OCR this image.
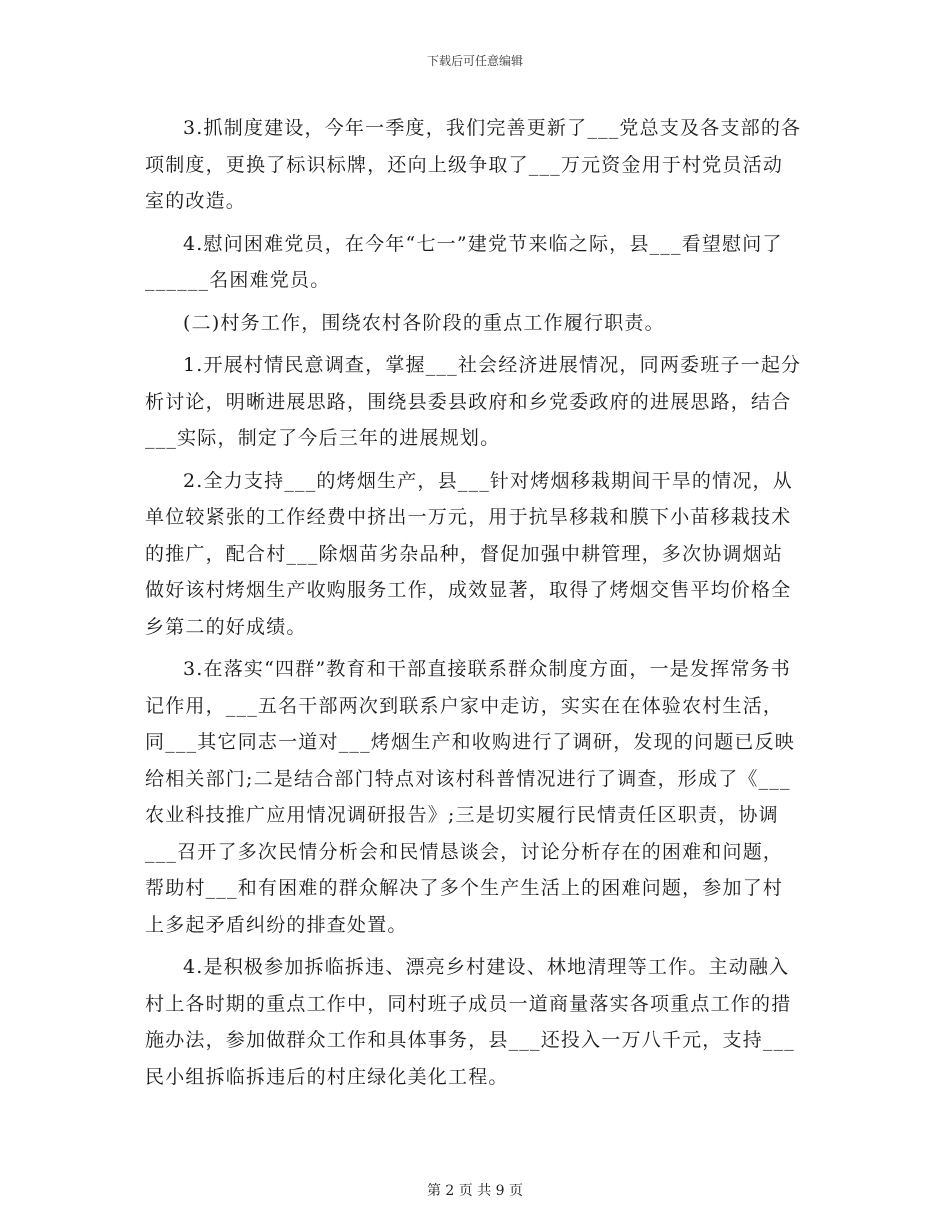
下载后可任意编辑

3.抓制度建设，今年一季度，我们完善更新了___党总支及各支部的各项制度，更换了标识标牌，还向上级争取了___万元资金用于村党员活动室的改造。

4.慰问困难党员，在今年“七一”建党节来临之际，县___看望慰问了______名困难党员。

(二)村务工作，围绕农村各阶段的重点工作履行职责。

1.开展村情民意调查，掌握___社会经济进展情况，同两委班子一起分析讨论，明晰进展思路，围绕县委县政府和乡党委政府的进展思路，结合___实际，制定了今后三年的进展规划。

2.全力支持___的烤烟生产，县___针对烤烟移栽期间干旱的情况，从单位较紧张的工作经费中挤出一万元，用于抗旱移栽和膜下小苗移栽技术的推广，配合村___除烟苗劣杂品种，督促加强中耕管理，多次协调烟站做好该村烤烟生产收购服务工作，成效显著，取得了烤烟交售平均价格全乡第二的好成绩。

3.在落实“四群”教育和干部直接联系群众制度方面，一是发挥常务书记作用，___五名干部两次到联系户家中走访，实实在在体验农村生活，同___其它同志一道对___烤烟生产和收购进行了调研，发现的问题已反映给相关部门;二是结合部门特点对该村科普情况进行了调查，形成了《___农业科技推广应用情况调研报告》;三是切实履行民情责任区职责，协调___召开了多次民情分析会和民情恳谈会，讨论分析存在的困难和问题，帮助村___和有困难的群众解决了多个生产生活上的困难问题，参加了村上多起矛盾纠纷的排查处置。

4.是积极参加拆临拆违、漂亮乡村建设、林地清理等工作。主动融入村上各时期的重点工作中，同村班子成员一道商量落实各项重点工作的措施办法，参加做群众工作和具体事务，县___还投入一万八千元，支持___民小组拆临拆违后的村庄绿化美化工程。

第 2 页 共 9 页
